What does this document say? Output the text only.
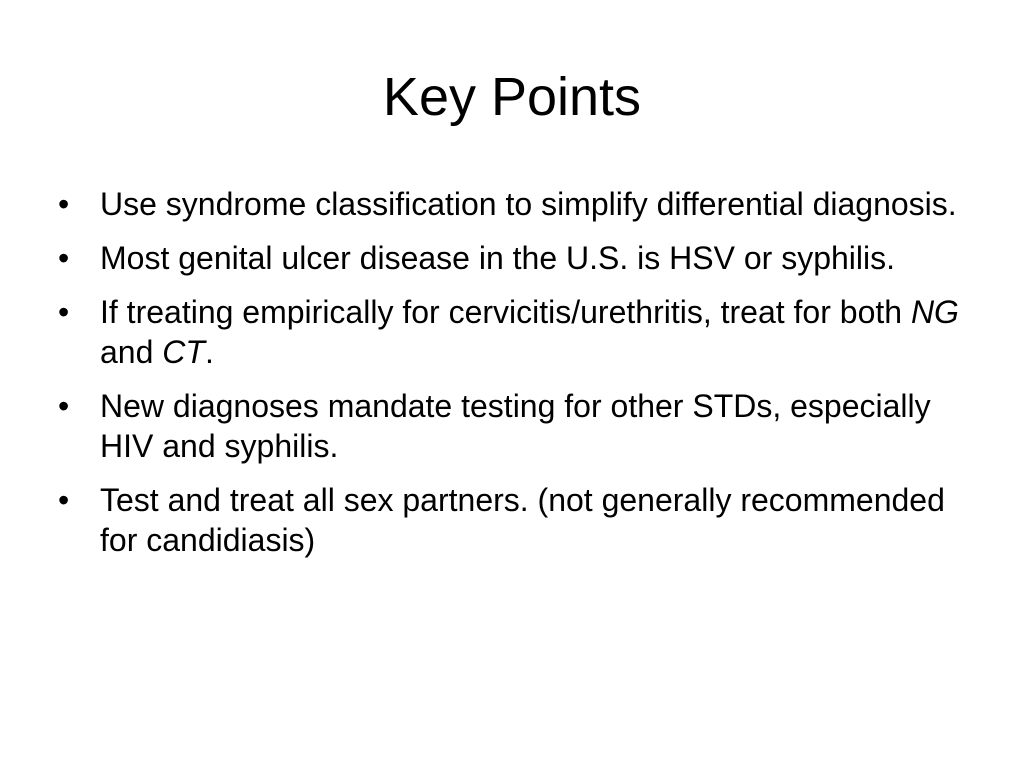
Key Points
• Use syndrome classification to simplify differential diagnosis.
• Most genital ulcer disease in the U.S. is HSV or syphilis.
• If treating empirically for cervicitis/urethritis, treat for both NG and CT.
• New diagnoses mandate testing for other STDs, especially HIV and syphilis.
• Test and treat all sex partners. (not generally recommended for candidiasis)
